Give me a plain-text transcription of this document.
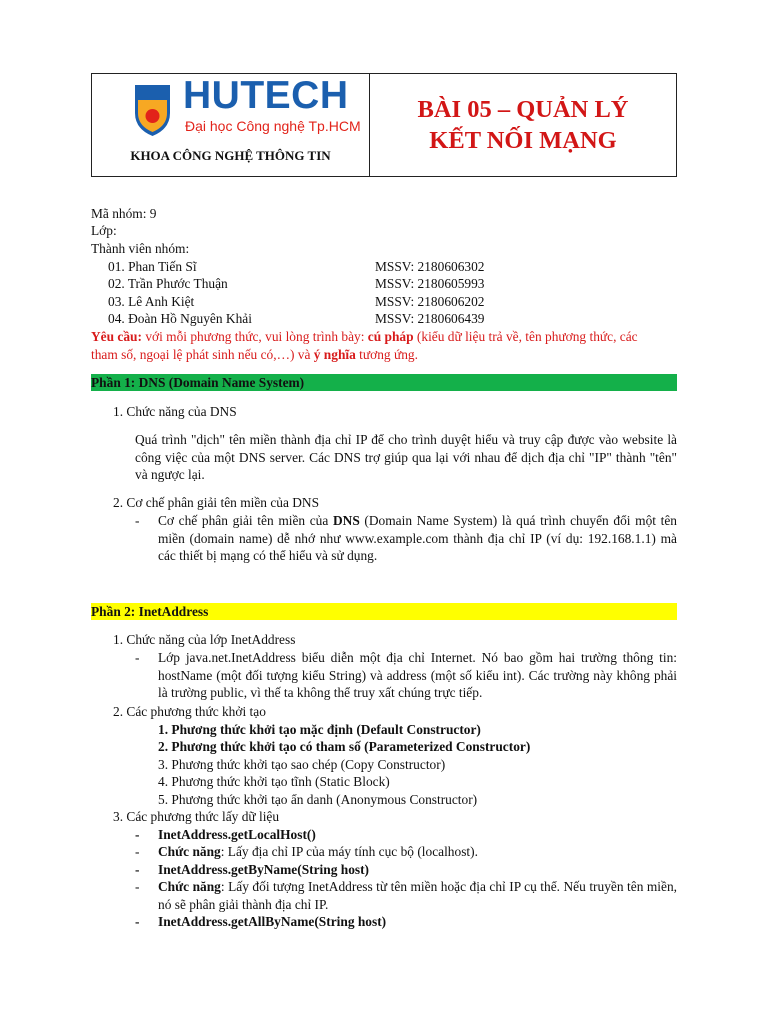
HUTECH
Đại học Công nghệ Tp.HCM
KHOA CÔNG NGHỆ THÔNG TIN
BÀI 05 – QUẢN LÝ
KẾT NỐI MẠNG
Mã nhóm: 9
Lớp:
Thành viên nhóm:
01. Phan Tiến Sĩ	MSSV: 2180606302
02. Trần Phước Thuận	MSSV: 2180605993
03. Lê Anh Kiệt	MSSV: 2180606202
04. Đoàn Hồ Nguyên Khải	MSSV: 2180606439
Yêu cầu: với mỗi phương thức, vui lòng trình bày: cú pháp (kiểu dữ liệu trả về, tên phương thức, các
tham số, ngoại lệ phát sinh nếu có,…) và ý nghĩa tương ứng.
Phần 1: DNS (Domain Name System)
1. Chức năng của DNS
Quá trình "dịch" tên miền thành địa chỉ IP để cho trình duyệt hiểu và truy cập được vào website là công việc của một DNS server. Các DNS trợ giúp qua lại với nhau để dịch địa chỉ "IP" thành "tên" và ngược lại.
2. Cơ chế phân giải tên miền của DNS
- Cơ chế phân giải tên miền của DNS (Domain Name System) là quá trình chuyển đổi một tên miền (domain name) dễ nhớ như www.example.com thành địa chỉ IP (ví dụ: 192.168.1.1) mà các thiết bị mạng có thể hiểu và sử dụng.
Phần 2: InetAddress
1. Chức năng của lớp InetAddress
- Lớp java.net.InetAddress biểu diễn một địa chỉ Internet. Nó bao gồm hai trường thông tin: hostName (một đối tượng kiểu String) và address (một số kiểu int). Các trường này không phải là trường public, vì thế ta không thể truy xất chúng trực tiếp.
2. Các phương thức khởi tạo
1. Phương thức khởi tạo mặc định (Default Constructor)
2. Phương thức khởi tạo có tham số (Parameterized Constructor)
3. Phương thức khởi tạo sao chép (Copy Constructor)
4. Phương thức khởi tạo tĩnh (Static Block)
5. Phương thức khởi tạo ẩn danh (Anonymous Constructor)
3. Các phương thức lấy dữ liệu
- InetAddress.getLocalHost()
- Chức năng: Lấy địa chỉ IP của máy tính cục bộ (localhost).
- InetAddress.getByName(String host)
- Chức năng: Lấy đối tượng InetAddress từ tên miền hoặc địa chỉ IP cụ thể. Nếu truyền tên miền, nó sẽ phân giải thành địa chỉ IP.
- InetAddress.getAllByName(String host)
